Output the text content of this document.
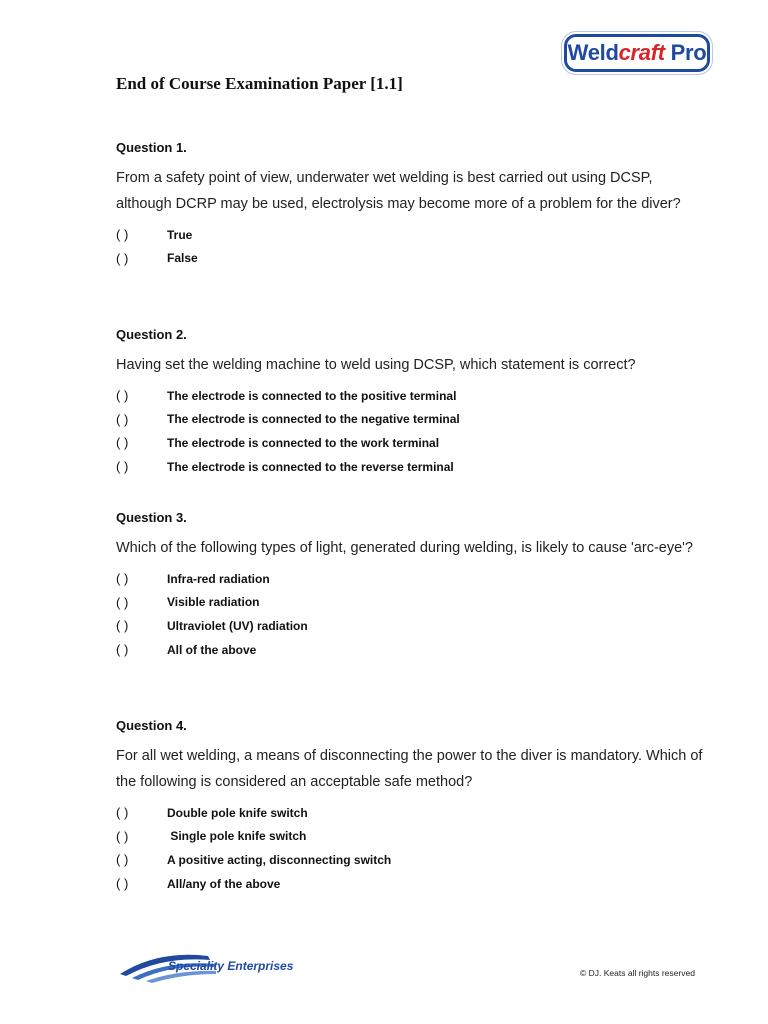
Weldcraft Pro
End of Course Examination Paper [1.1]
Question 1.
From a safety point of view, underwater wet welding is best carried out using DCSP, although DCRP may be used, electrolysis may become more of a problem for the diver?
( )	True
( )	False
Question 2.
Having set the welding machine to weld using DCSP, which statement is correct?
( )	The electrode is connected to the positive terminal
( )	The electrode is connected to the negative terminal
( )	The electrode is connected to the work terminal
( )	The electrode is connected to the reverse terminal
Question 3.
Which of the following types of light, generated during welding, is likely to cause 'arc-eye'?
( )	Infra-red radiation
( )	Visible radiation
( )	Ultraviolet (UV) radiation
( )	All of the above
Question 4.
For all wet welding, a means of disconnecting the power to the diver is mandatory. Which of the following is considered an acceptable safe method?
( )	Double pole knife switch
( )	Single pole knife switch
( )	A positive acting, disconnecting switch
( )	All/any of the above
Speciality Enterprises	© DJ. Keats all rights reserved
